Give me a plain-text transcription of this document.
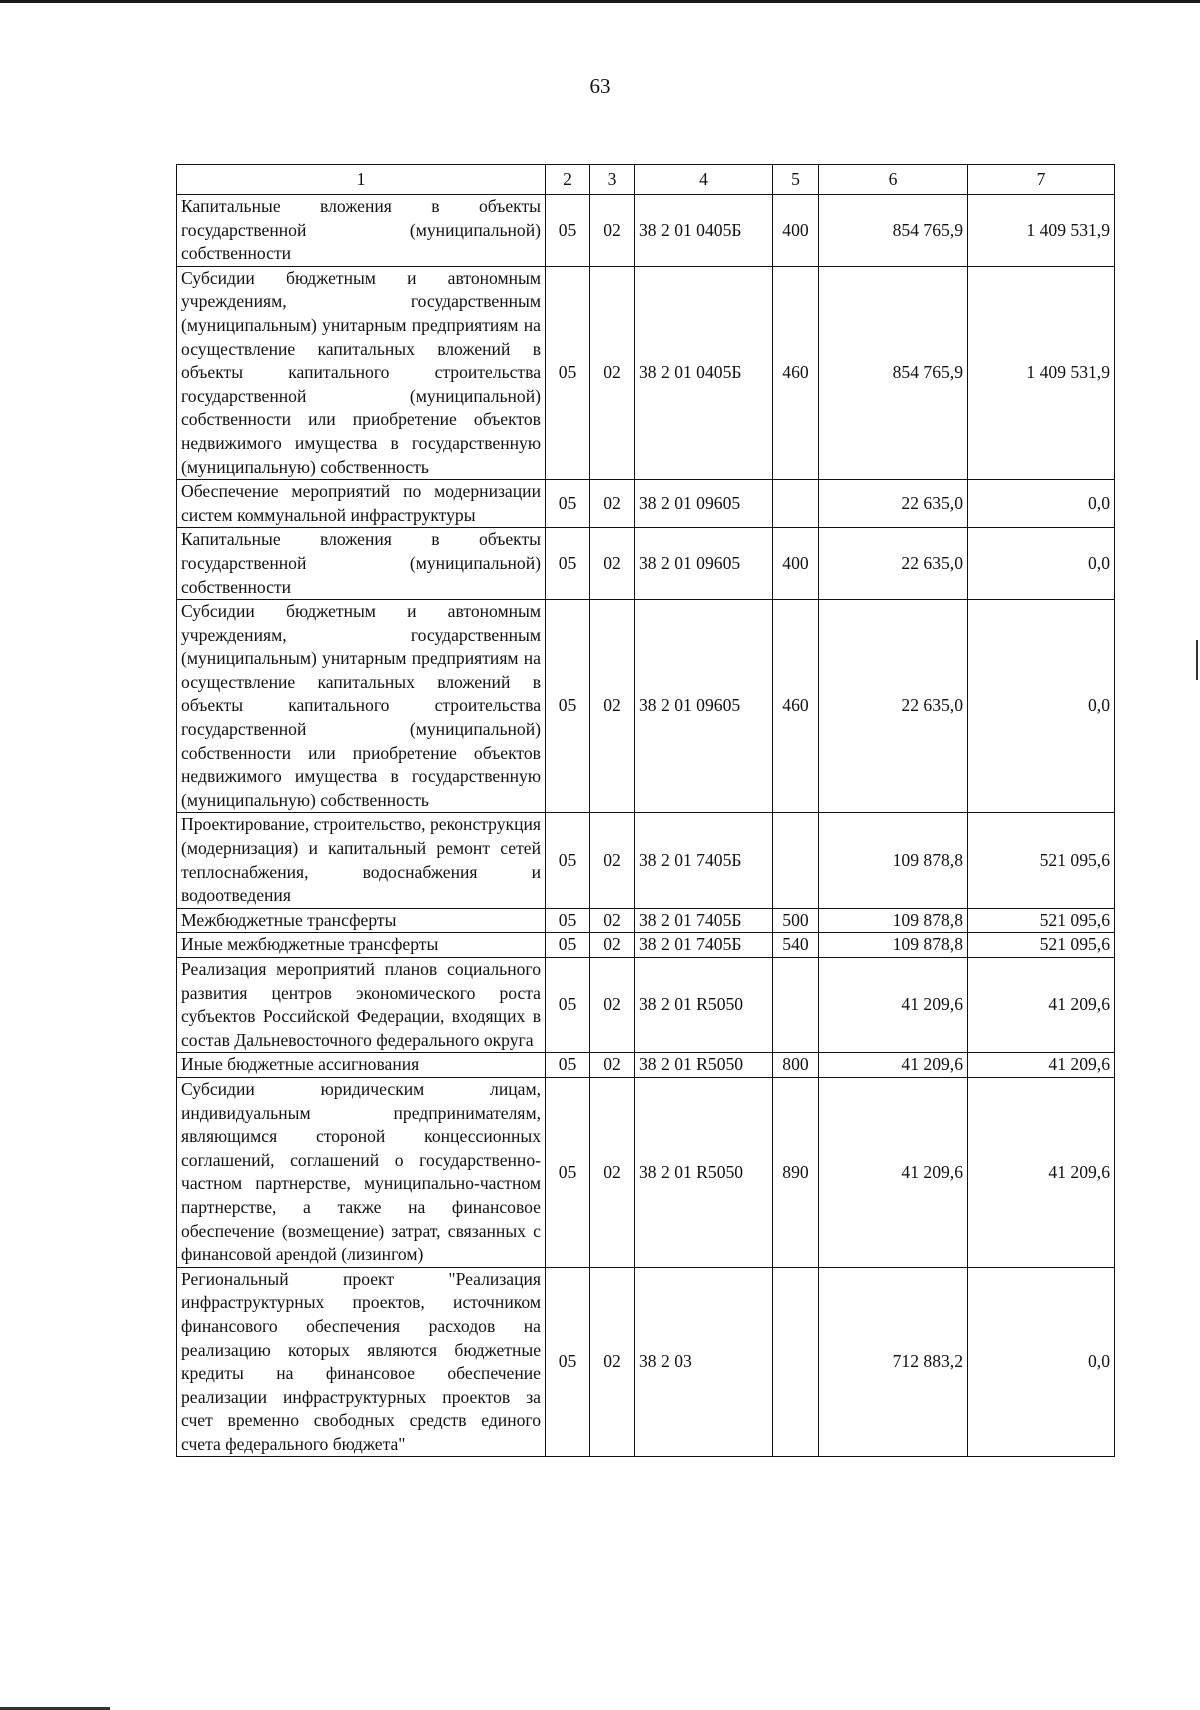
63
1	2	3	4	5	6	7
Капитальные вложения в объекты государственной (муниципальной) собственности	05	02	38 2 01 0405Б	400	854 765,9	1 409 531,9
Субсидии бюджетным и автономным учреждениям, государственным (муниципальным) унитарным предприятиям на осуществление капитальных вложений в объекты капитального строительства государственной (муниципальной) собственности или приобретение объектов недвижимого имущества в государственную (муниципальную) собственность	05	02	38 2 01 0405Б	460	854 765,9	1 409 531,9
Обеспечение мероприятий по модернизации систем коммунальной инфраструктуры	05	02	38 2 01 09605		22 635,0	0,0
Капитальные вложения в объекты государственной (муниципальной) собственности	05	02	38 2 01 09605	400	22 635,0	0,0
Субсидии бюджетным и автономным учреждениям, государственным (муниципальным) унитарным предприятиям на осуществление капитальных вложений в объекты капитального строительства государственной (муниципальной) собственности или приобретение объектов недвижимого имущества в государственную (муниципальную) собственность	05	02	38 2 01 09605	460	22 635,0	0,0
Проектирование, строительство, реконструкция (модернизация) и капитальный ремонт сетей теплоснабжения, водоснабжения и водоотведения	05	02	38 2 01 7405Б		109 878,8	521 095,6
Межбюджетные трансферты	05	02	38 2 01 7405Б	500	109 878,8	521 095,6
Иные межбюджетные трансферты	05	02	38 2 01 7405Б	540	109 878,8	521 095,6
Реализация мероприятий планов социального развития центров экономического роста субъектов Российской Федерации, входящих в состав Дальневосточного федерального округа	05	02	38 2 01 R5050		41 209,6	41 209,6
Иные бюджетные ассигнования	05	02	38 2 01 R5050	800	41 209,6	41 209,6
Субсидии юридическим лицам, индивидуальным предпринимателям, являющимся стороной концессионных соглашений, соглашений о государственно-частном партнерстве, муниципально-частном партнерстве, а также на финансовое обеспечение (возмещение) затрат, связанных с финансовой арендой (лизингом)	05	02	38 2 01 R5050	890	41 209,6	41 209,6
Региональный проект "Реализация инфраструктурных проектов, источником финансового обеспечения расходов на реализацию которых являются бюджетные кредиты на финансовое обеспечение реализации инфраструктурных проектов за счет временно свободных средств единого счета федерального бюджета"	05	02	38 2 03		712 883,2	0,0
